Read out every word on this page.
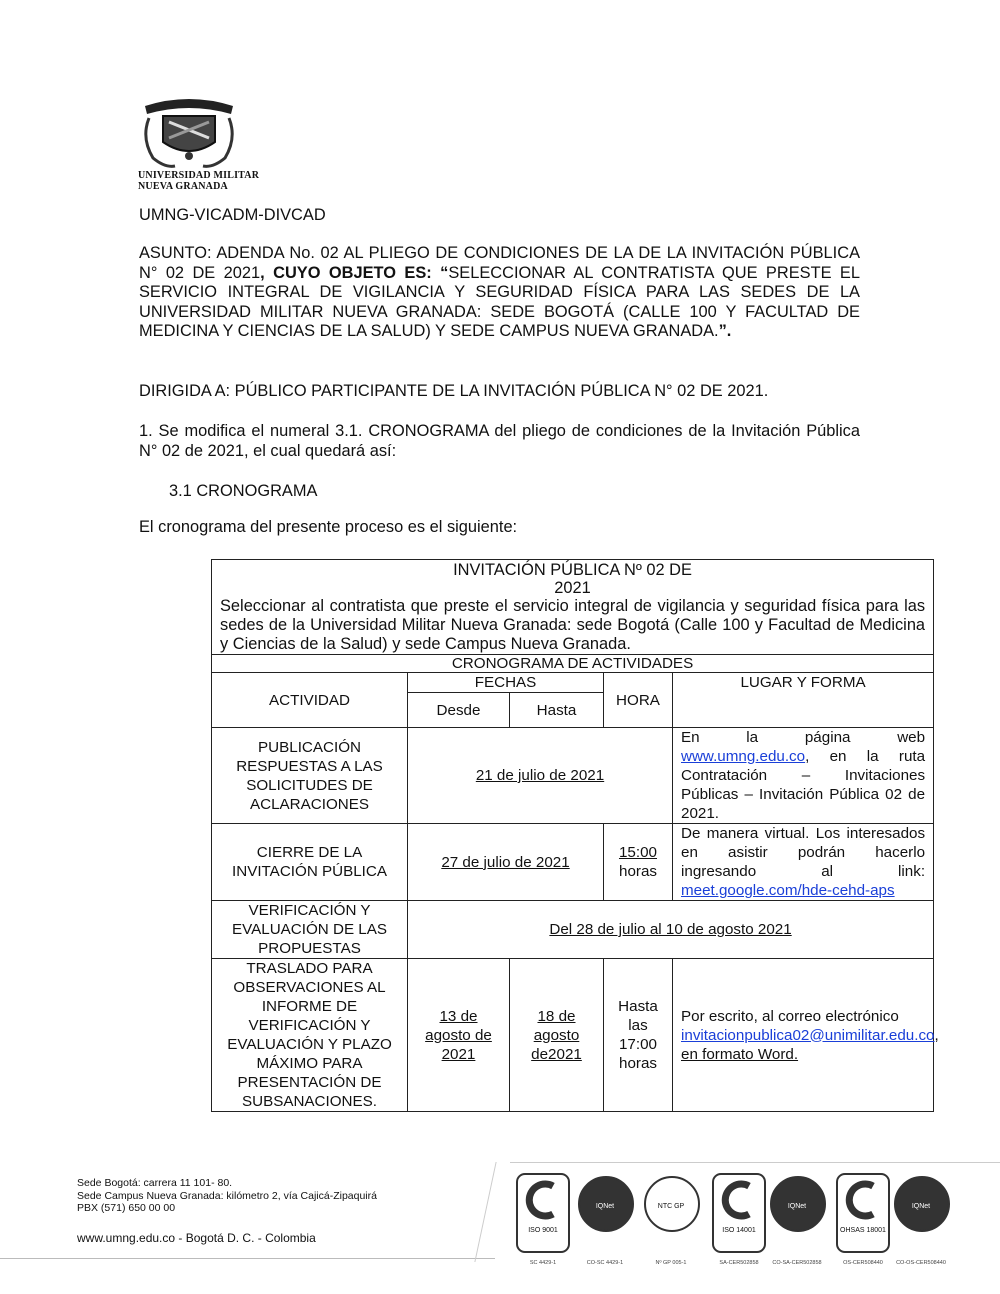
UNIVERSIDAD MILITAR
NUEVA GRANADA
UMNG-VICADM-DIVCAD
ASUNTO: ADENDA No. 02 AL PLIEGO DE CONDICIONES DE LA DE LA INVITACIÓN PÚBLICA N° 02 DE 2021, CUYO OBJETO ES: “SELECCIONAR AL CONTRATISTA QUE PRESTE EL SERVICIO INTEGRAL DE VIGILANCIA Y SEGURIDAD FÍSICA PARA LAS SEDES DE LA UNIVERSIDAD MILITAR NUEVA GRANADA: SEDE BOGOTÁ (CALLE 100 Y FACULTAD DE MEDICINA Y CIENCIAS DE LA SALUD) Y SEDE CAMPUS NUEVA GRANADA.”.
DIRIGIDA A: PÚBLICO PARTICIPANTE DE LA INVITACIÓN PÚBLICA N° 02 DE 2021.
1. Se modifica el numeral 3.1. CRONOGRAMA del pliego de condiciones de la Invitación Pública N° 02 de 2021, el cual quedará así:
3.1 CRONOGRAMA
El cronograma del presente proceso es el siguiente:
INVITACIÓN PÚBLICA Nº 02 DE
2021
Seleccionar al contratista que preste el servicio integral de vigilancia y seguridad física para las sedes de la Universidad Militar Nueva Granada: sede Bogotá (Calle 100 y Facultad de Medicina y Ciencias de la Salud) y sede Campus Nueva Granada.				

CRONOGRAMA DE ACTIVIDADES				
ACTIVIDAD	FECHAS		HORA	LUGAR Y FORMA
	Desde	Hasta		
PUBLICACIÓN RESPUESTAS A LAS SOLICITUDES DE ACLARACIONES	21 de julio de 2021			En la página web www.umng.edu.co, en la ruta Contratación – Invitaciones Públicas – Invitación Pública 02 de 2021.
CIERRE DE LA INVITACIÓN PÚBLICA	27 de julio de 2021		15:00
horas	De manera virtual. Los interesados en asistir podrán hacerlo ingresando al link: meet.google.com/hde-cehd-aps
VERIFICACIÓN Y EVALUACIÓN DE LAS PROPUESTAS	Del 28 de julio al 10 de agosto 2021			
TRASLADO PARA OBSERVACIONES AL INFORME DE VERIFICACIÓN Y EVALUACIÓN Y PLAZO MÁXIMO PARA PRESENTACIÓN DE SUBSANACIONES.	13 de agosto de 2021	18 de agosto de2021	Hasta las 17:00 horas	Por escrito, al correo electrónico invitacionpublica02@unimilitar.edu.co, en formato Word.
Sede Bogotá: carrera 11 101- 80.
Sede Campus Nueva Granada: kilómetro 2, vía Cajicá-Zipaquirá
PBX (571) 650 00 00
www.umng.edu.co - Bogotá D. C. - Colombia
ISO 9001
SC 4429-1
IQNet
CO-SC 4429-1
NTC GP
Nº GP 005-1
ISO 14001
SA-CER502858
IQNet
CO-SA-CER502858
OHSAS 18001
OS-CER508440
IQNet
CO-OS-CER508440
